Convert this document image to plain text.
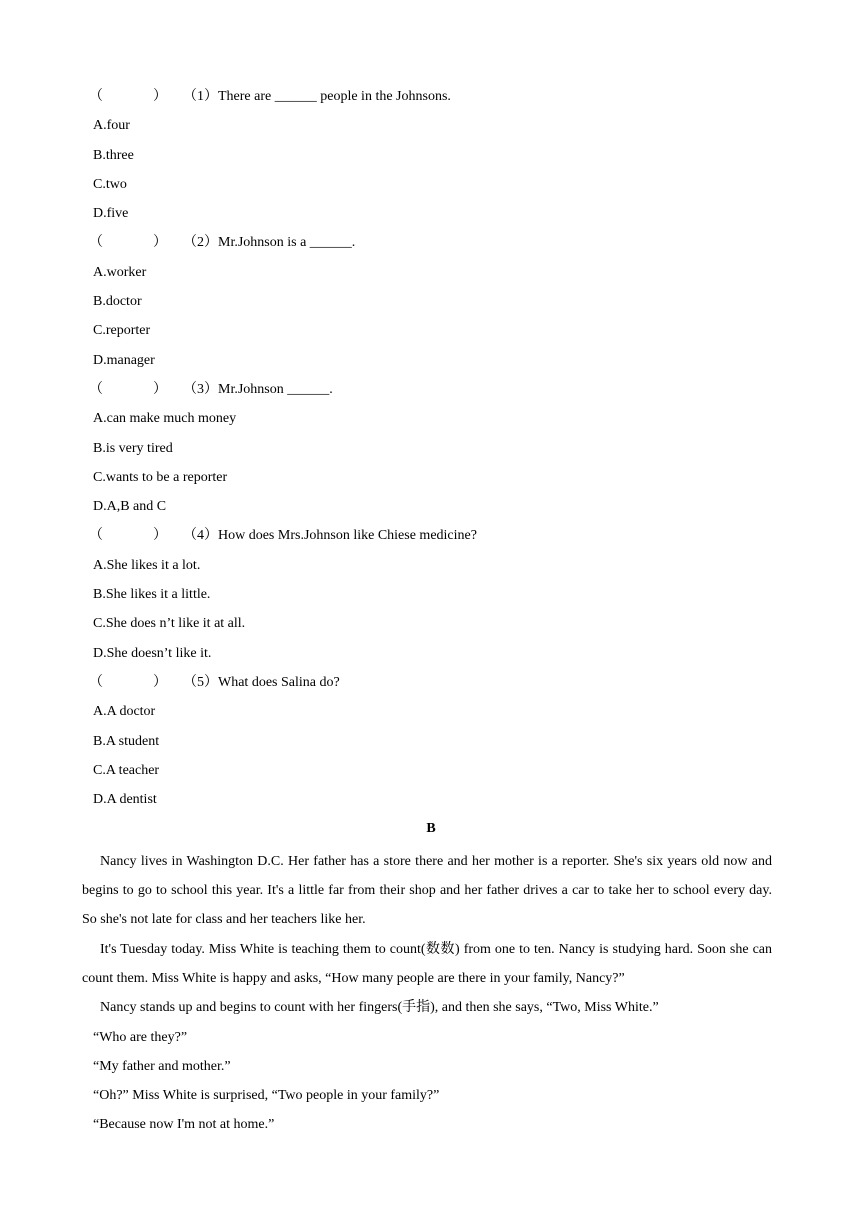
（	） （1）There are ______ people in the Johnsons.
A.four
B.three
C.two
D.five
（	） （2）Mr.Johnson is a ______.
A.worker
B.doctor
C.reporter
D.manager
（	） （3）Mr.Johnson ______.
A.can make much money
B.is very tired
C.wants to be a reporter
D.A,B and C
（	） （4）How does Mrs.Johnson like Chiese medicine?
A.She likes it a lot.
B.She likes it a little.
C.She does n’t like it at all.
D.She doesn’t like it.
（	） （5）What does Salina do?
A.A doctor
B.A student
C.A teacher
D.A dentist
B
Nancy lives in Washington D.C. Her father has a store there and her mother is a reporter. She's six years old now and begins to go to school this year. It's a little far from their shop and her father drives a car to take her to school every day. So she's not late for class and her teachers like her.
It's Tuesday today. Miss White is teaching them to count(数数) from one to ten. Nancy is studying hard. Soon she can count them. Miss White is happy and asks, “How many people are there in your family, Nancy?”
Nancy stands up and begins to count with her fingers(手指), and then she says, “Two, Miss White.”
“Who are they?”
“My father and mother.”
“Oh?” Miss White is surprised, “Two people in your family?”
“Because now I'm not at home.”
